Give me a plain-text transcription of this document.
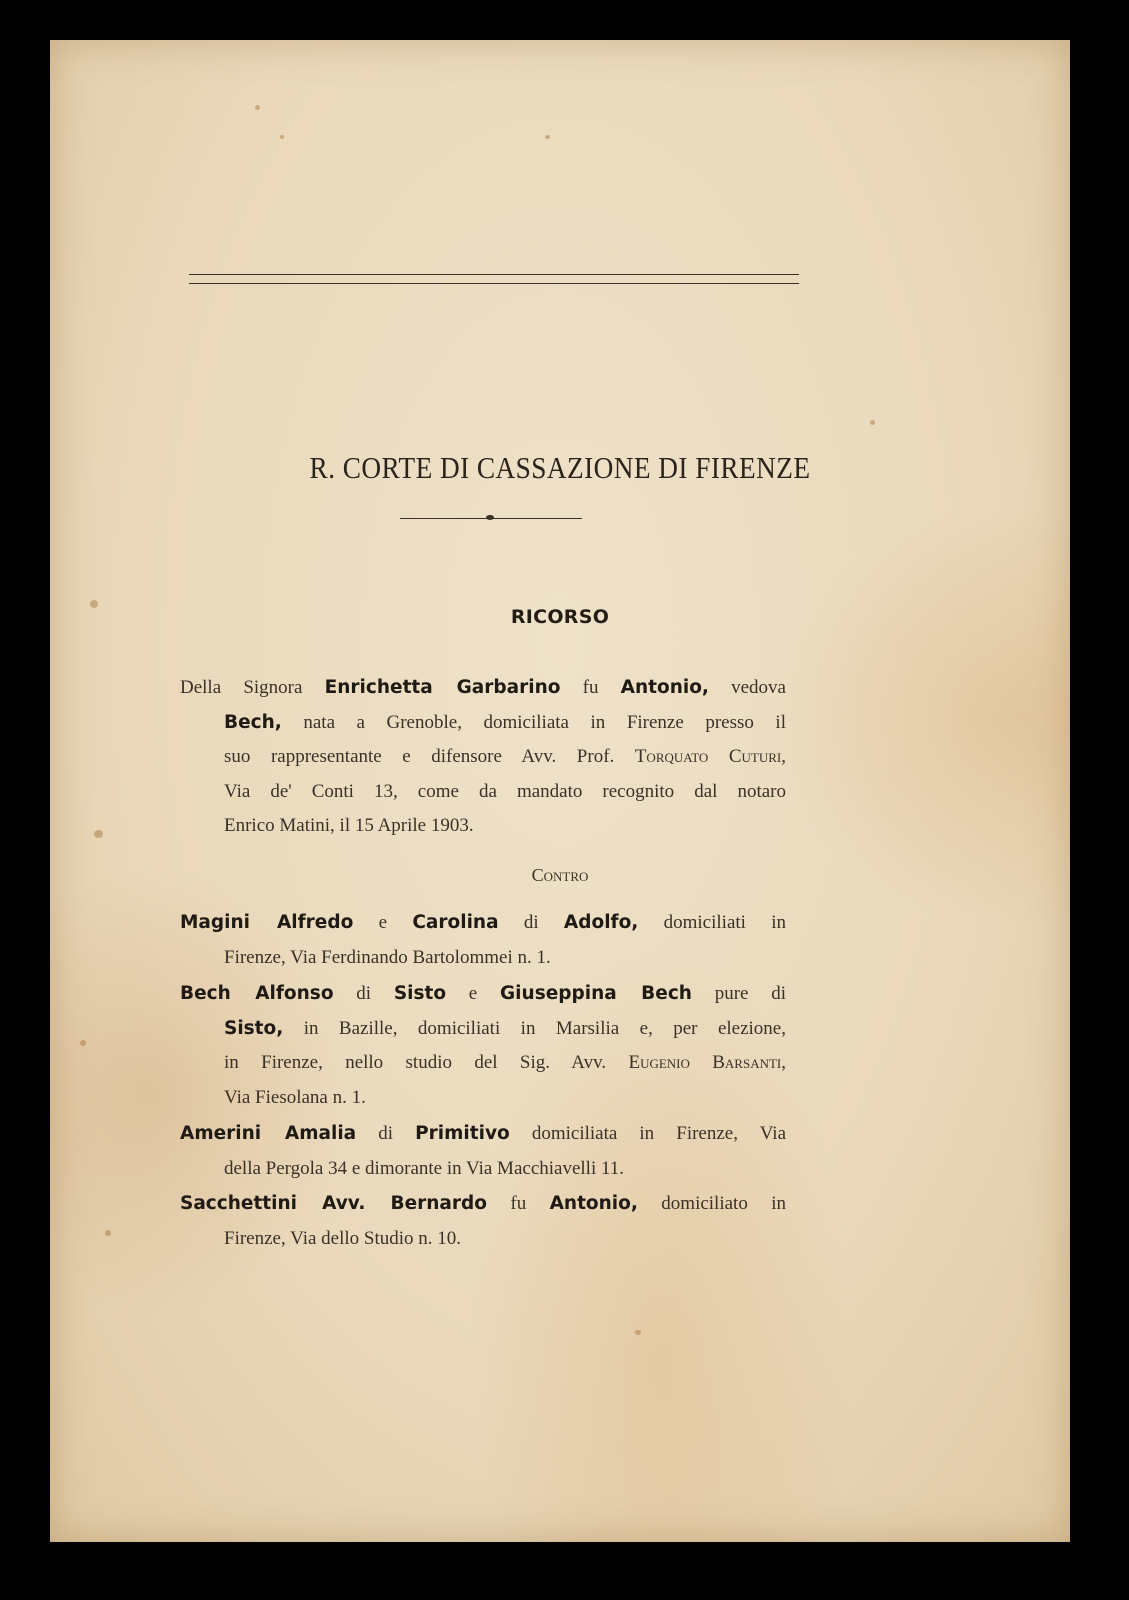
R. CORTE DI CASSAZIONE DI FIRENZE
RICORSO
Della Signora Enrichetta Garbarino fu Antonio, vedova
Bech, nata a Grenoble, domiciliata in Firenze presso il
suo rappresentante e difensore Avv. Prof. Torquato Cuturi,
Via de' Conti 13, come da mandato recognito dal notaro
Enrico Matini, il 15 Aprile 1903.
Contro
Magini Alfredo e Carolina di Adolfo, domiciliati in
Firenze, Via Ferdinando Bartolommei n. 1.
Bech Alfonso di Sisto e Giuseppina Bech pure di
Sisto, in Bazille, domiciliati in Marsilia e, per elezione,
in Firenze, nello studio del Sig. Avv. Eugenio Barsanti,
Via Fiesolana n. 1.
Amerini Amalia di Primitivo domiciliata in Firenze, Via
della Pergola 34 e dimorante in Via Macchiavelli 11.
Sacchettini Avv. Bernardo fu Antonio, domiciliato in
Firenze, Via dello Studio n. 10.
